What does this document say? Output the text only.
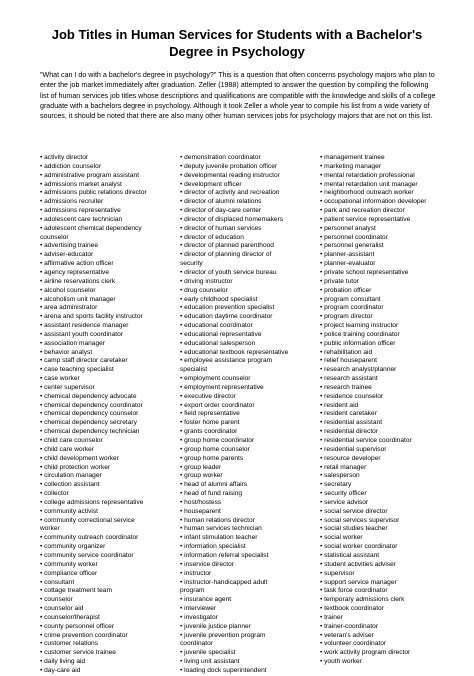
Job Titles in Human Services for Students with a Bachelor's Degree in Psychology
"What can I do with a bachelor's degree in psychology?" This is a question that often concerns psychology majors who plan to enter the job market immediately after graduation. Zeller (1988) attempted to answer the question by compiling the following list of human services job titles whose descriptions and qualifications are compatible with the knowledge and skills of a college graduate with a bachelors degree in psychology. Although it took Zeller a whole year to compile his list from a wide variety of sources, it should be noted that there are also many other human services jobs for psychology majors that are not on this list.
• activity director
• addiction counselor
• administrative program assistant
• admissions market analyst
• admissions public relations director
• admissions recruiter
• admissions representative
• adolescent care technician
• adolescent chemical dependency
counselor
• advertising trainee
• adviser-educator
• affirmative action officer
• agency representative
• airline reservations clerk
• alcohol counselor
• alcoholism unit manager
• area administrator
• arena and sports facility instructor
• assistant residence manager
• assistant youth coordinator
• association manager
• behavior analyst
• camp staff director caretaker
• case teaching specialist
• case worker
• center supervisor
• chemical dependency advocate
• chemical dependency coordinator
• chemical dependency counselor
• chemical dependency secretary
• chemical dependency technician
• child care counselor
• child care worker
• child development worker
• child protection worker
• circulation manager
• collection assistant
• collector
• college admissions representative
• community activist
• community correctional service
worker
• community outreach coordinator
• community organizer
• community service coordinator
• community worker
• compliance officer
• consultant
• cottage treatment team
• counselor
• counselor aid
• counselor/therapist
• county personnel officer
• crime prevention coordinator
• customer relations
• customer service trainee
• daily living aid
• day-care aid
• demonstration coordinator
• deputy juvenile probation officer
• developmental reading instructor
• development officer
• director of activity and recreation
• director of alumni relations
• director of day-care center
• director of displaced homemakers
• director of human services
• director of education
• director of planned parenthood
• director of planning director of
security
• director of youth service bureau
• driving instructor
• drug counselor
• early childhood specialist
• education prevention specialist
• education daytime coordinator
• educational coordinator
• educational representative
• educational salesperson
• educational textbook representative
• employee assistance program
specialist
• employment counselor
• employment representative
• executive director
• export order coordinator
• field representative
• foster home parent
• grants coordinator
• group home coordinator
• group home counselor
• group home parents
• group leader
• group worker
• head of alumni affairs
• head of fund raising
• host/hostess
• houseparent
• human relations director
• human services technician
• infant stimulation teacher
• information specialist
• information referral specialist
• inservice director
• instructor
• instructor-handicapped adult
program
• insurance agent
• interviewer
• investigator
• juvenile justice planner
• juvenile prevention program
coordinator
• juvenile specialist
• living unit assistant
• loading dock superintendent
• management trainee
• marketing manager
• mental retardation professional
• mental retardation unit manager
• neighborhood outreach worker
• occupational information developer
• park and recreation director
• patient service representative
• personnel analyst
• personnel coordinator
• personnel generalist
• planner-assistant
• planner-evaluator
• private school representative
• private tutor
• probation officer
• program consultant
• program coordinator
• program director
• project learning instructor
• police training coordinator
• public information officer
• rehabilitation aid
• relief houseparent
• research analyst/planner
• research assistant
• research trainee
• residence counselor
• resident aid
• resident caretaker
• residential assistant
• residential director
• residential service coordinator
• residential supervisor
• resource developer
• retail manager
• salesperson
• secretary
• security officer
• service advisor
• social service director
• social services supervisor
• social studies teacher
• social worker
• social worker coordinator
• statistical assistant
• student activities adviser
• supervisor
• support service manager
• task force coordinator
• temporary admissions clerk
• textbook coordinator
• trainer
• trainer-coordinator
• veteran's adviser
• volunteer coordinator
• work activity program director
• youth worker
